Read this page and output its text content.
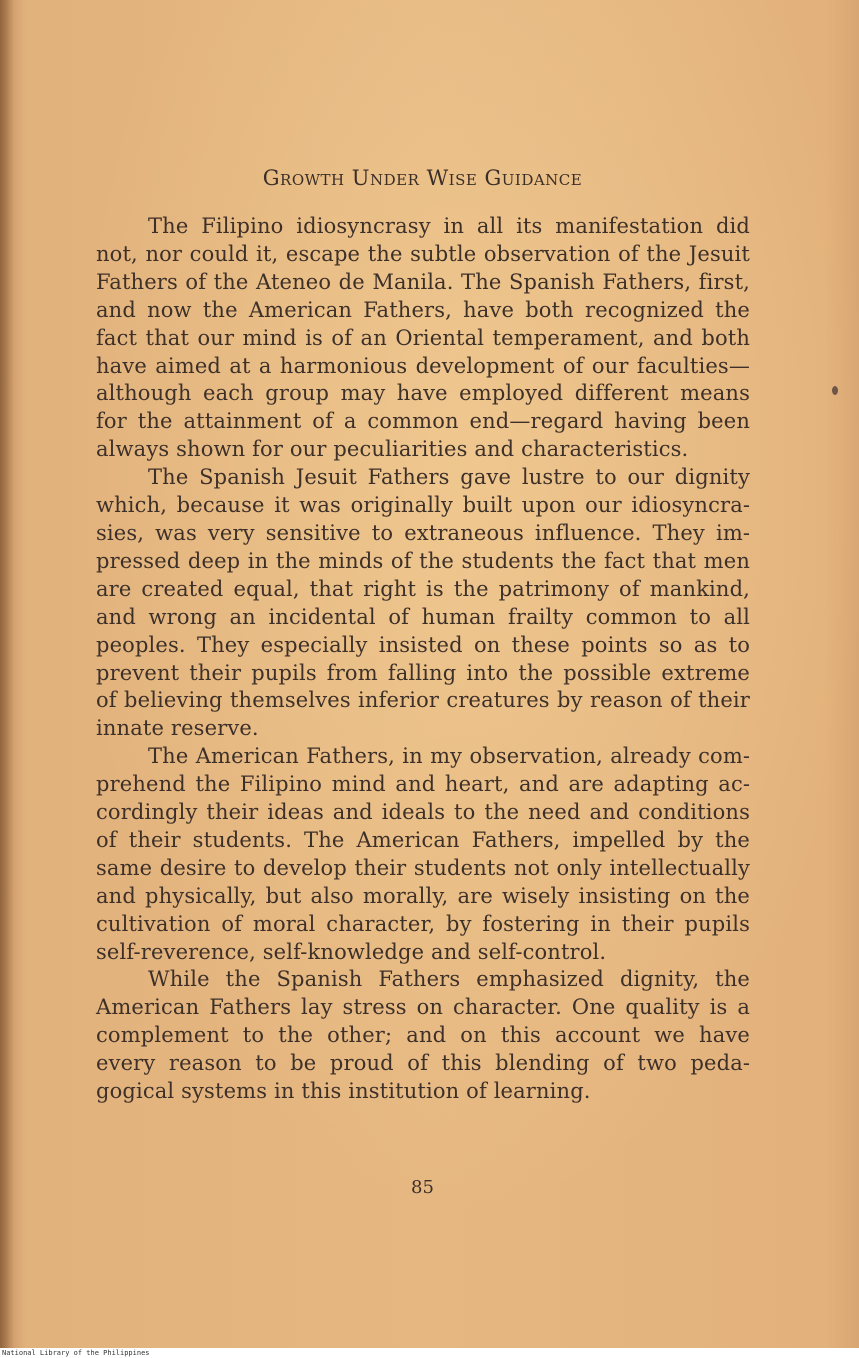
Growth Under Wise Guidance

The Filipino idiosyncrasy in all its manifestation did not, nor could it, escape the subtle observation of the Jesuit Fathers of the Ateneo de Manila. The Spanish Fathers, first, and now the American Fathers, have both recognized the fact that our mind is of an Oriental temperament, and both have aimed at a harmonious development of our faculties—although each group may have employed different means for the attainment of a common end—regard having been always shown for our peculiarities and characteristics.

The Spanish Jesuit Fathers gave lustre to our dignity which, because it was originally built upon our idiosyncrasies, was very sensitive to extraneous influence. They impressed deep in the minds of the students the fact that men are created equal, that right is the patrimony of mankind, and wrong an incidental of human frailty common to all peoples. They especially insisted on these points so as to prevent their pupils from falling into the possible extreme of believing themselves inferior creatures by reason of their innate reserve.

The American Fathers, in my observation, already comprehend the Filipino mind and heart, and are adapting accordingly their ideas and ideals to the need and conditions of their students. The American Fathers, impelled by the same desire to develop their students not only intellectually and physically, but also morally, are wisely insisting on the cultivation of moral character, by fostering in their pupils self-reverence, self-knowledge and self-control.

While the Spanish Fathers emphasized dignity, the American Fathers lay stress on character. One quality is a complement to the other; and on this account we have every reason to be proud of this blending of two pedagogical systems in this institution of learning.

85
National Library of the Philippines
